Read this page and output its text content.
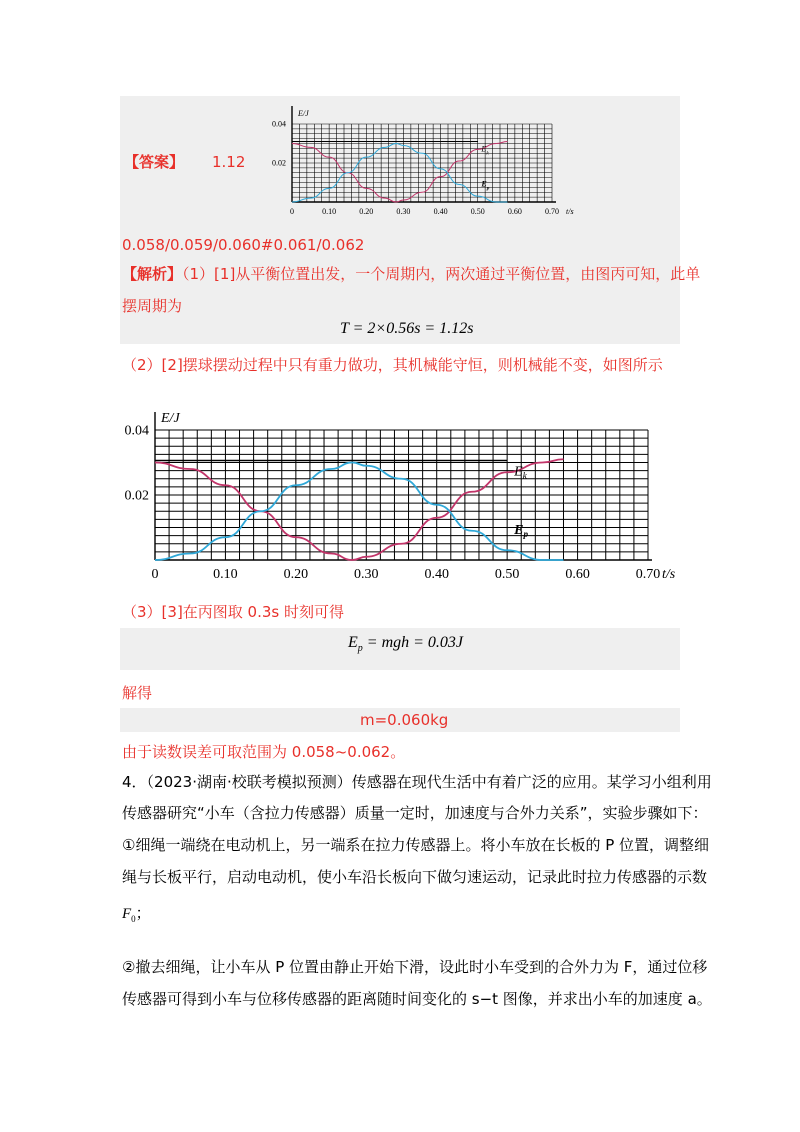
【答案】 1.12
E/J
t/s
0	0.10	0.20	0.30	0.40	0.50	0.60	0.70
0.02
0.04
$E_k$
$E_p$
0.058/0.059/0.060#0.061/0.062
【解析】（1）[1]从平衡位置出发，一个周期内，两次通过平衡位置，由图丙可知，此单
摆周期为
T = 2×0.56s = 1.12s
（2）[2]摆球摆动过程中只有重力做功，其机械能守恒，则机械能不变，如图所示
E/J
t/s
0	0.10	0.20	0.30	0.40	0.50	0.60	0.70
0.02
0.04
$E_k$
$E_p$
（3）[3]在丙图取 0.3s 时刻可得
$E_p$ = mgh = 0.03J
解得
m=0.060kg
由于读数误差可取范围为 0.058~0.062。
4．（2023·湖南·校联考模拟预测）传感器在现代生活中有着广泛的应用。某学习小组利用
传感器研究“小车（含拉力传感器）质量一定时，加速度与合外力关系”，实验步骤如下：
①细绳一端绕在电动机上，另一端系在拉力传感器上。将小车放在长板的 P 位置，调整细
绳与长板平行，启动电动机，使小车沿长板向下做匀速运动，记录此时拉力传感器的示数
$F_0$；
②撤去细绳，让小车从 P 位置由静止开始下滑，设此时小车受到的合外力为 F，通过位移
传感器可得到小车与位移传感器的距离随时间变化的 s−t 图像，并求出小车的加速度 a。
